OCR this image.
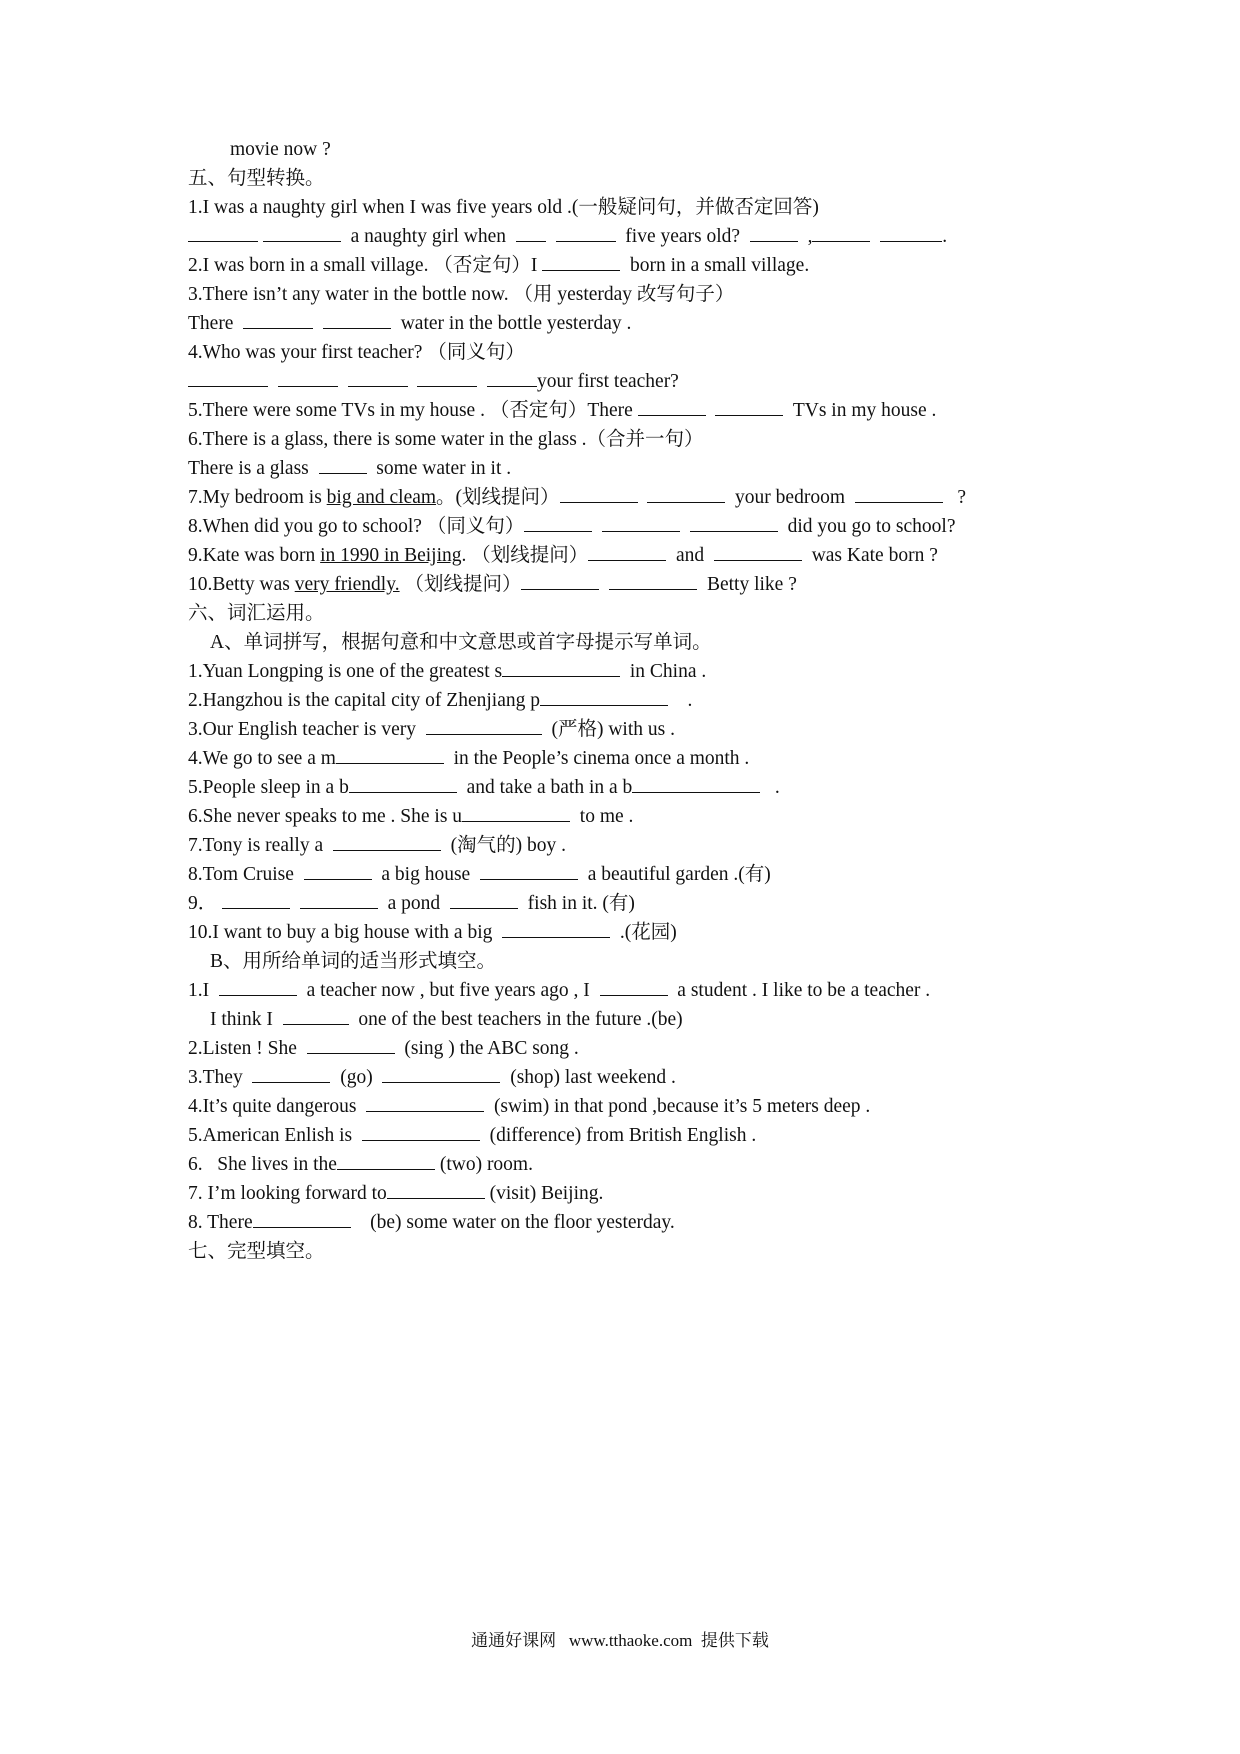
movie now ?
五、句型转换。
1.I was a naughty girl when I was five years old .(一般疑问句，并做否定回答)
a naughty girl when	five years old?	,	.
2.I was born in a small village. （否定句）I	born in a small village.
3.There isn’t any water in the bottle now. （用 yesterday 改写句子）
There	water in the bottle yesterday .
4.Who was your first teacher? （同义句）
your first teacher?
5.There were some TVs in my house . （否定句）There	TVs in my house .
6.There is a glass, there is some water in the glass .（合并一句）
There is a glass	some water in it .
7.My bedroom is big and cleam。(划线提问）	your bedroom	?
8.When did you go to school? （同义句）	did you go to school?
9.Kate was born in 1990 in Beijing. （划线提问）	and	was Kate born ?
10.Betty was very friendly. （划线提问）	Betty like ?
六、词汇运用。
A、单词拼写，根据句意和中文意思或首字母提示写单词。
1.Yuan Longping is one of the greatest s	in China .
2.Hangzhou is the capital city of Zhenjiang p	.
3.Our English teacher is very	(严格) with us .
4.We go to see a m	in the People’s cinema once a month .
5.People sleep in a b	and take a bath in a b	.
6.She never speaks to me . She is u	to me .
7.Tony is really a	(淘气的) boy .
8.Tom Cruise	a big house	a beautiful garden .(有)
9．	a pond	fish in it. (有)
10.I want to buy a big house with a big	.(花园)
B、用所给单词的适当形式填空。
1.I	a teacher now , but five years ago , I	a student . I like to be a teacher .
I think I	one of the best teachers in the future .(be)
2.Listen ! She	(sing ) the ABC song .
3.They	(go)	(shop) last weekend .
4.It’s quite dangerous	(swim) in that pond ,because it’s 5 meters deep .
5.American Enlish is	(difference) from British English .
6.   She lives in the	(two) room.
7. I’m looking forward to	(visit) Beijing.
8. There	(be) some water on the floor yesterday.
七、完型填空。
通通好课网   www.tthaoke.com  提供下载
